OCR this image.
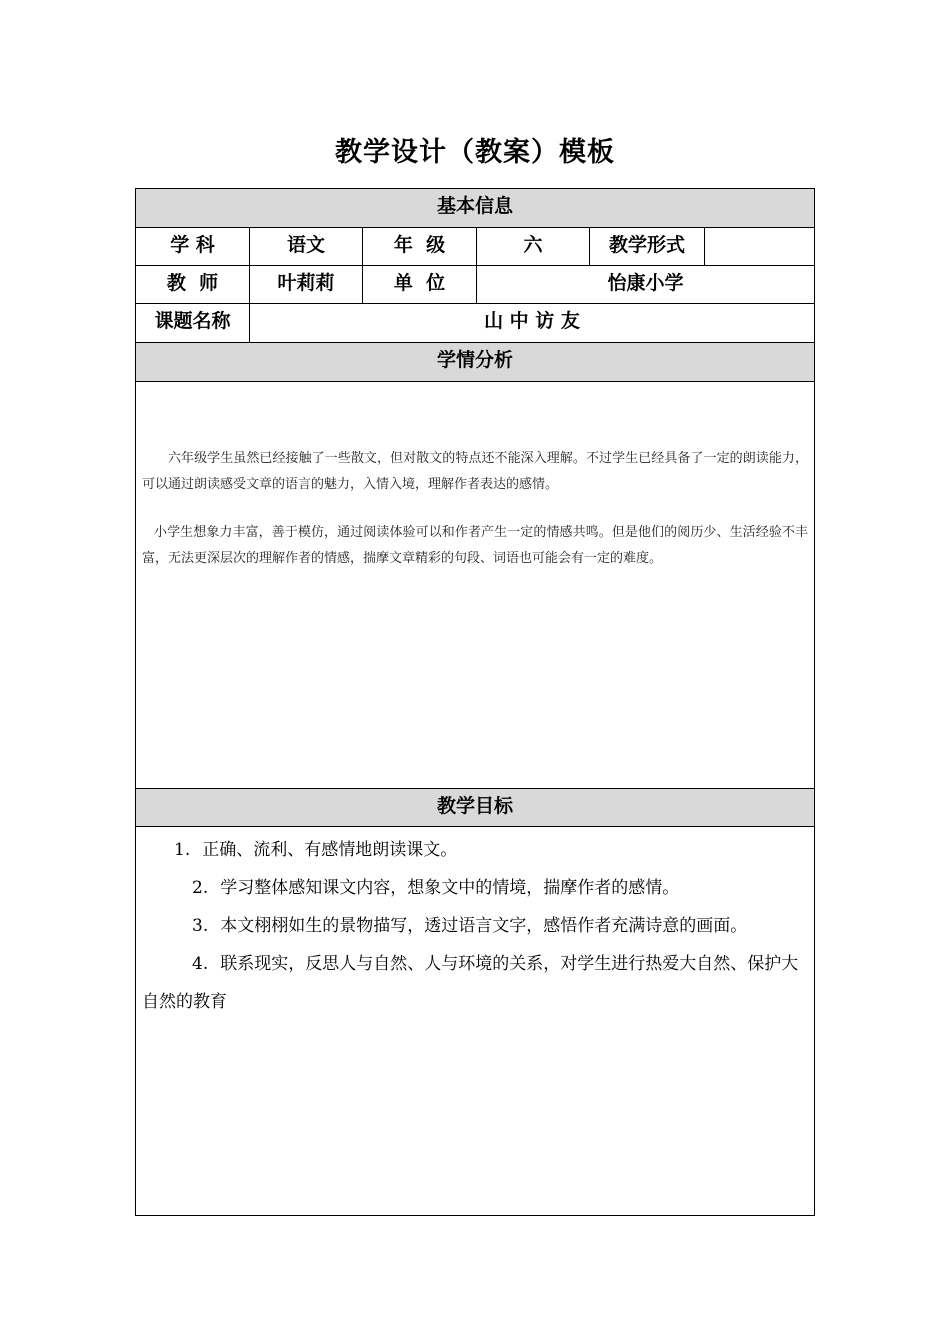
教学设计（教案）模板
基本信息
学 科	语文	年  级	六	教学形式
教  师	叶莉莉	单  位	怡康小学
课题名称	山 中 访 友
学情分析

六年级学生虽然已经接触了一些散文，但对散文的特点还不能深入理解。不过学生已经具备了一定的朗读能力，可以通过朗读感受文章的语言的魅力，入情入境，理解作者表达的感情。

小学生想象力丰富，善于模仿，通过阅读体验可以和作者产生一定的情感共鸣。但是他们的阅历少、生活经验不丰富，无法更深层次的理解作者的情感，揣摩文章精彩的句段、词语也可能会有一定的难度。

教学目标
1. 正确、流利、有感情地朗读课文。
2. 学习整体感知课文内容，想象文中的情境，揣摩作者的感情。
3. 本文栩栩如生的景物描写，透过语言文字，感悟作者充满诗意的画面。
4. 联系现实，反思人与自然、人与环境的关系，对学生进行热爱大自然、保护大自然的教育
